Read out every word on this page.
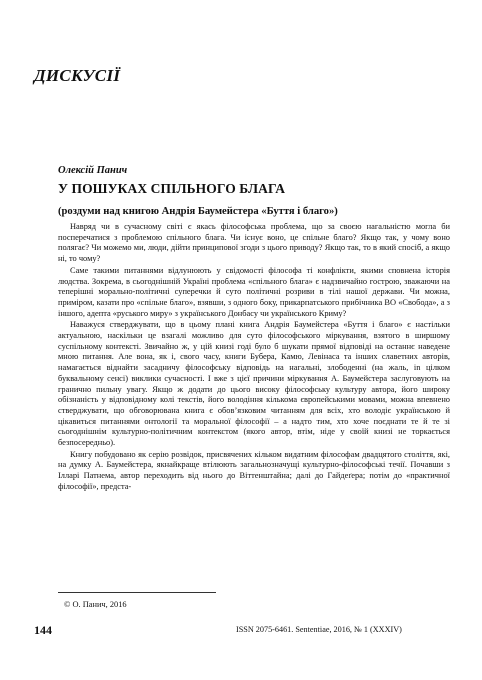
ДИСКУСІЇ
Олексій Панич
У ПОШУКАХ СПІЛЬНОГО БЛАГА
(роздуми над книгою Андрія Баумейстера «Буття і благо»)

Навряд чи в сучасному світі є якась філософська проблема, що за своєю нагальністю могла би посперечатися з проблемою спільного блага. Чи існує воно, це спільне благо? Якщо так, у чому воно полягає? Чи можемо ми, люди, дійти принципової згоди з цього приводу? Якщо так, то в який спосіб, а якщо ні, то чому?

Саме такими питаннями відлунюють у свідомості філософа ті конфлікти, якими сповнена історія людства. Зокрема, в сьогоднішній Україні проблема «спільного блага» є надзвичайно гострою, зважаючи на теперішні морально-політичні суперечки й суто політичні розриви в тілі нашої держави. Чи можна, приміром, казати про «спільне благо», взявши, з одного боку, прикарпатського прибічника ВО «Свобода», а з іншого, адепта «руського миру» з українського Донбасу чи українського Криму?

Наважуся стверджувати, що в цьому плані книга Андрія Баумейстера «Буття і благо» є настільки актуальною, наскільки це взагалі можливо для суто філософського міркування, взятого в ширшому суспільному контексті. Звичайно ж, у цій книзі годі було б шукати прямої відповіді на останнє наведене мною питання. Але вона, як і, свого часу, книги Бубера, Камю, Левінаса та інших славетних авторів, намагається віднайти засадничу філософську відповідь на нагальні, злободенні (на жаль, in цілком буквальному сенсі) виклики сучасності. І вже з цієї причини міркування А. Баумейстера заслуговують на гранично пильну увагу. Якщо ж додати до цього високу філософську культуру автора, його широку обізнаність у відповідному колі текстів, його володіння кількома європейськими мовами, можна впевнено стверджувати, що обговорювана книга є обов’язковим читанням для всіх, хто володіє українською й цікавиться питаннями онтології та моральної філософії – а надто тим, хто хоче поєднати те й те зі сьогоднішнім культурно-політичним контекстом (якого автор, втім, ніде у своїй книзі не торкається безпосередньо).

Книгу побудовано як серію розвідок, присвячених кільком видатним філософам двадцятого століття, які, на думку А. Баумейстера, якнайкраще втілюють загальнозначущі культурно-філософські течії. Почавши з Ілларі Патнема, автор переходить від нього до Віттенштайна; далі до Гайдеґера; потім до «практичної філософії», предста-

© О. Панич, 2016
144	ISSN 2075-6461. Sententiae, 2016, № 1 (XXXIV)
